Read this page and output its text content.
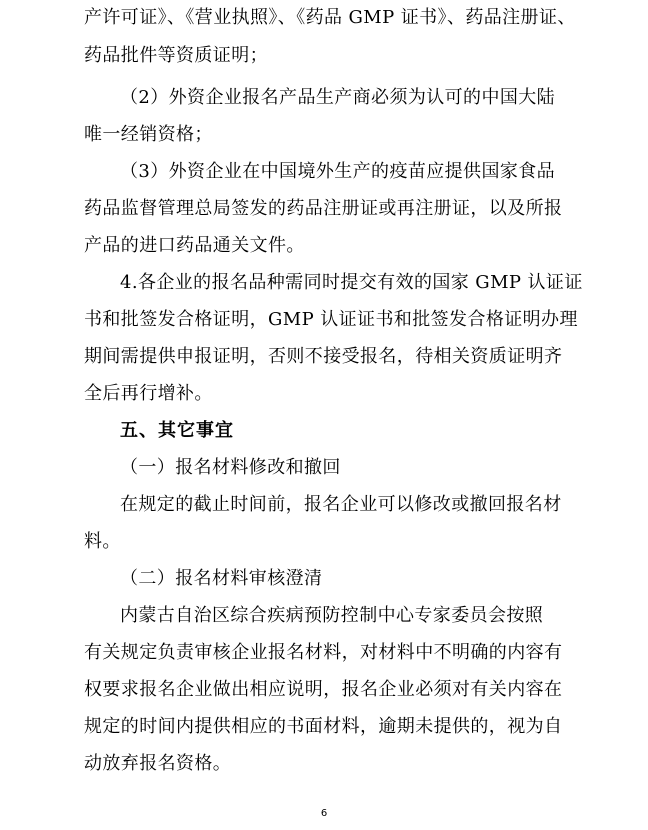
产许可证》、《营业执照》、《药品 GMP 证书》、药品注册证、
药品批件等资质证明；
（2）外资企业报名产品生产商必须为认可的中国大陆
唯一经销资格；
（3）外资企业在中国境外生产的疫苗应提供国家食品
药品监督管理总局签发的药品注册证或再注册证，以及所报
产品的进口药品通关文件。
4.各企业的报名品种需同时提交有效的国家 GMP 认证证
书和批签发合格证明，GMP 认证证书和批签发合格证明办理
期间需提供申报证明，否则不接受报名，待相关资质证明齐
全后再行增补。
五、其它事宜
（一）报名材料修改和撤回
在规定的截止时间前，报名企业可以修改或撤回报名材
料。
（二）报名材料审核澄清
内蒙古自治区综合疾病预防控制中心专家委员会按照
有关规定负责审核企业报名材料，对材料中不明确的内容有
权要求报名企业做出相应说明，报名企业必须对有关内容在
规定的时间内提供相应的书面材料，逾期未提供的，视为自
动放弃报名资格。
6
